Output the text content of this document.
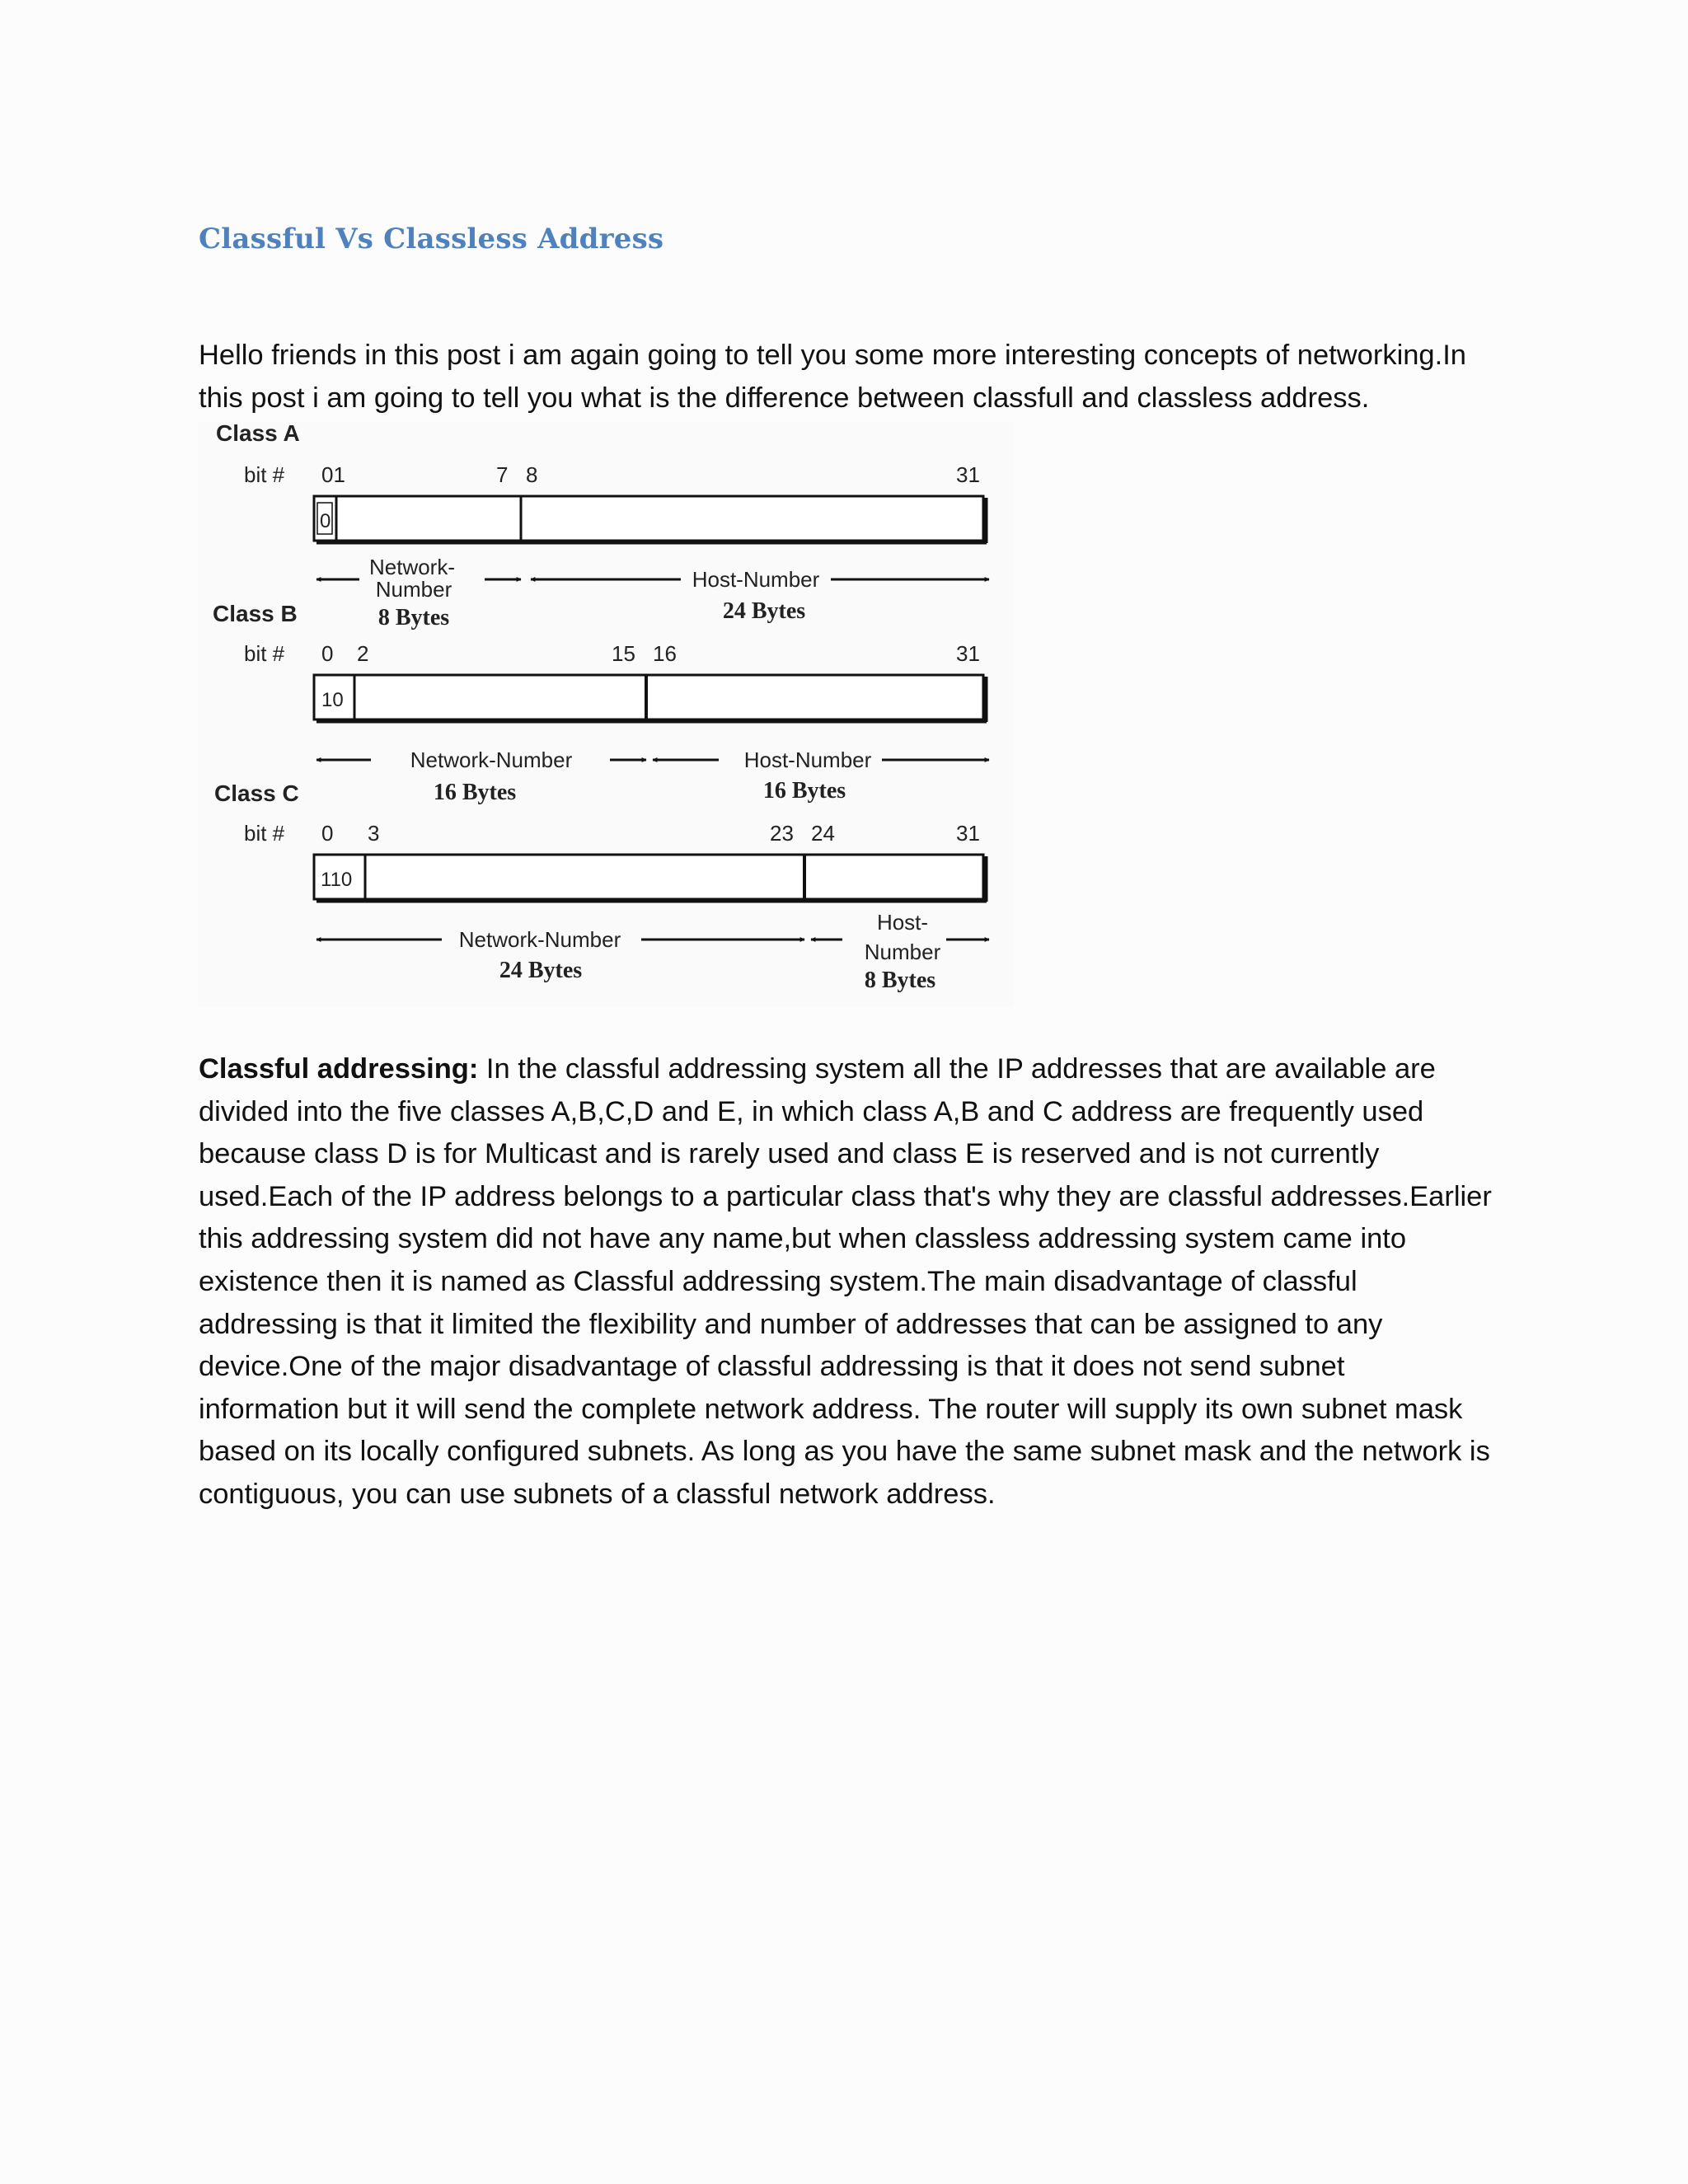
Classful Vs Classless Address

Hello friends in this post i am again going to tell you some more interesting concepts of networking.In this post i am going to tell you what is the difference between classfull and classless address.

Class A
bit # 01	7 8	31
0
Network-
Number
8 Bytes
Host-Number
24 Bytes
Class B
bit # 0 2	15 16	31
10
Network-Number
16 Bytes
Host-Number
16 Bytes
Class C
bit # 0 3	23 24	31
110
Network-Number
24 Bytes
Host-
Number
8 Bytes

Classful addressing: In the classful addressing system all the IP addresses that are available are divided into the five classes A,B,C,D and E, in which class A,B and C address are frequently used because class D is for Multicast and is rarely used and class E is reserved and is not currently used.Each of the IP address belongs to a particular class that's why they are classful addresses.Earlier this addressing system did not have any name,but when classless addressing system came into existence then it is named as Classful addressing system.The main disadvantage of classful addressing is that it limited the flexibility and number of addresses that can be assigned to any device.One of the major disadvantage of classful addressing is that it does not send subnet information but it will send the complete network address. The router will supply its own subnet mask based on its locally configured subnets. As long as you have the same subnet mask and the network is contiguous, you can use subnets of a classful network address.
